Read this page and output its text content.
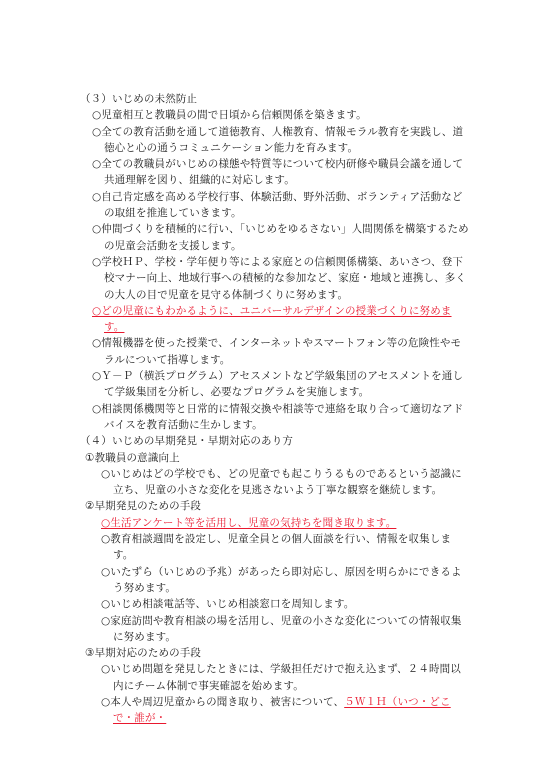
（３）いじめの未然防止
○児童相互と教職員の間で日頃から信頼関係を築きます。
○全ての教育活動を通して道徳教育、人権教育、情報モラル教育を実践し、道徳心と心の通うコミュニケーション能力を育みます。
○全ての教職員がいじめの様態や特質等について校内研修や職員会議を通して共通理解を図り、組織的に対応します。
○自己肯定感を高める学校行事、体験活動、野外活動、ボランティア活動などの取組を推進していきます。
○仲間づくりを積極的に行い、「いじめをゆるさない」人間関係を構築するための児童会活動を支援します。
○学校ＨＰ、学校・学年便り等による家庭との信頼関係構築、あいさつ、登下校マナー向上、地域行事への積極的な参加など、家庭・地域と連携し、多くの大人の目で児童を見守る体制づくりに努めます。
○どの児童にもわかるように、ユニバーサルデザインの授業づくりに努めます。
○情報機器を使った授業で、インターネットやスマートフォン等の危険性やモラルについて指導します。
○Ｙ－Ｐ（横浜プログラム）アセスメントなど学級集団のアセスメントを通して学級集団を分析し、必要なプログラムを実施します。
○相談関係機関等と日常的に情報交換や相談等で連絡を取り合って適切なアドバイスを教育活動に生かします。
（４）いじめの早期発見・早期対応のあり方
①教職員の意識向上
○いじめはどの学校でも、どの児童でも起こりうるものであるという認識に立ち、児童の小さな変化を見逃さないよう丁寧な観察を継続します。
②早期発見のための手段
○生活アンケート等を活用し、児童の気持ちを聞き取ります。
○教育相談週間を設定し、児童全員との個人面談を行い、情報を収集します。
○いたずら（いじめの予兆）があったら即対応し、原因を明らかにできるよう努めます。
○いじめ相談電話等、いじめ相談窓口を周知します。
○家庭訪問や教育相談の場を活用し、児童の小さな変化についての情報収集に努めます。
③早期対応のための手段
○いじめ問題を発見したときには、学級担任だけで抱え込まず、２４時間以内にチーム体制で事実確認を始めます。
○本人や周辺児童からの聞き取り、被害について、５Ｗ１Ｈ（いつ・どこで・誰が・
